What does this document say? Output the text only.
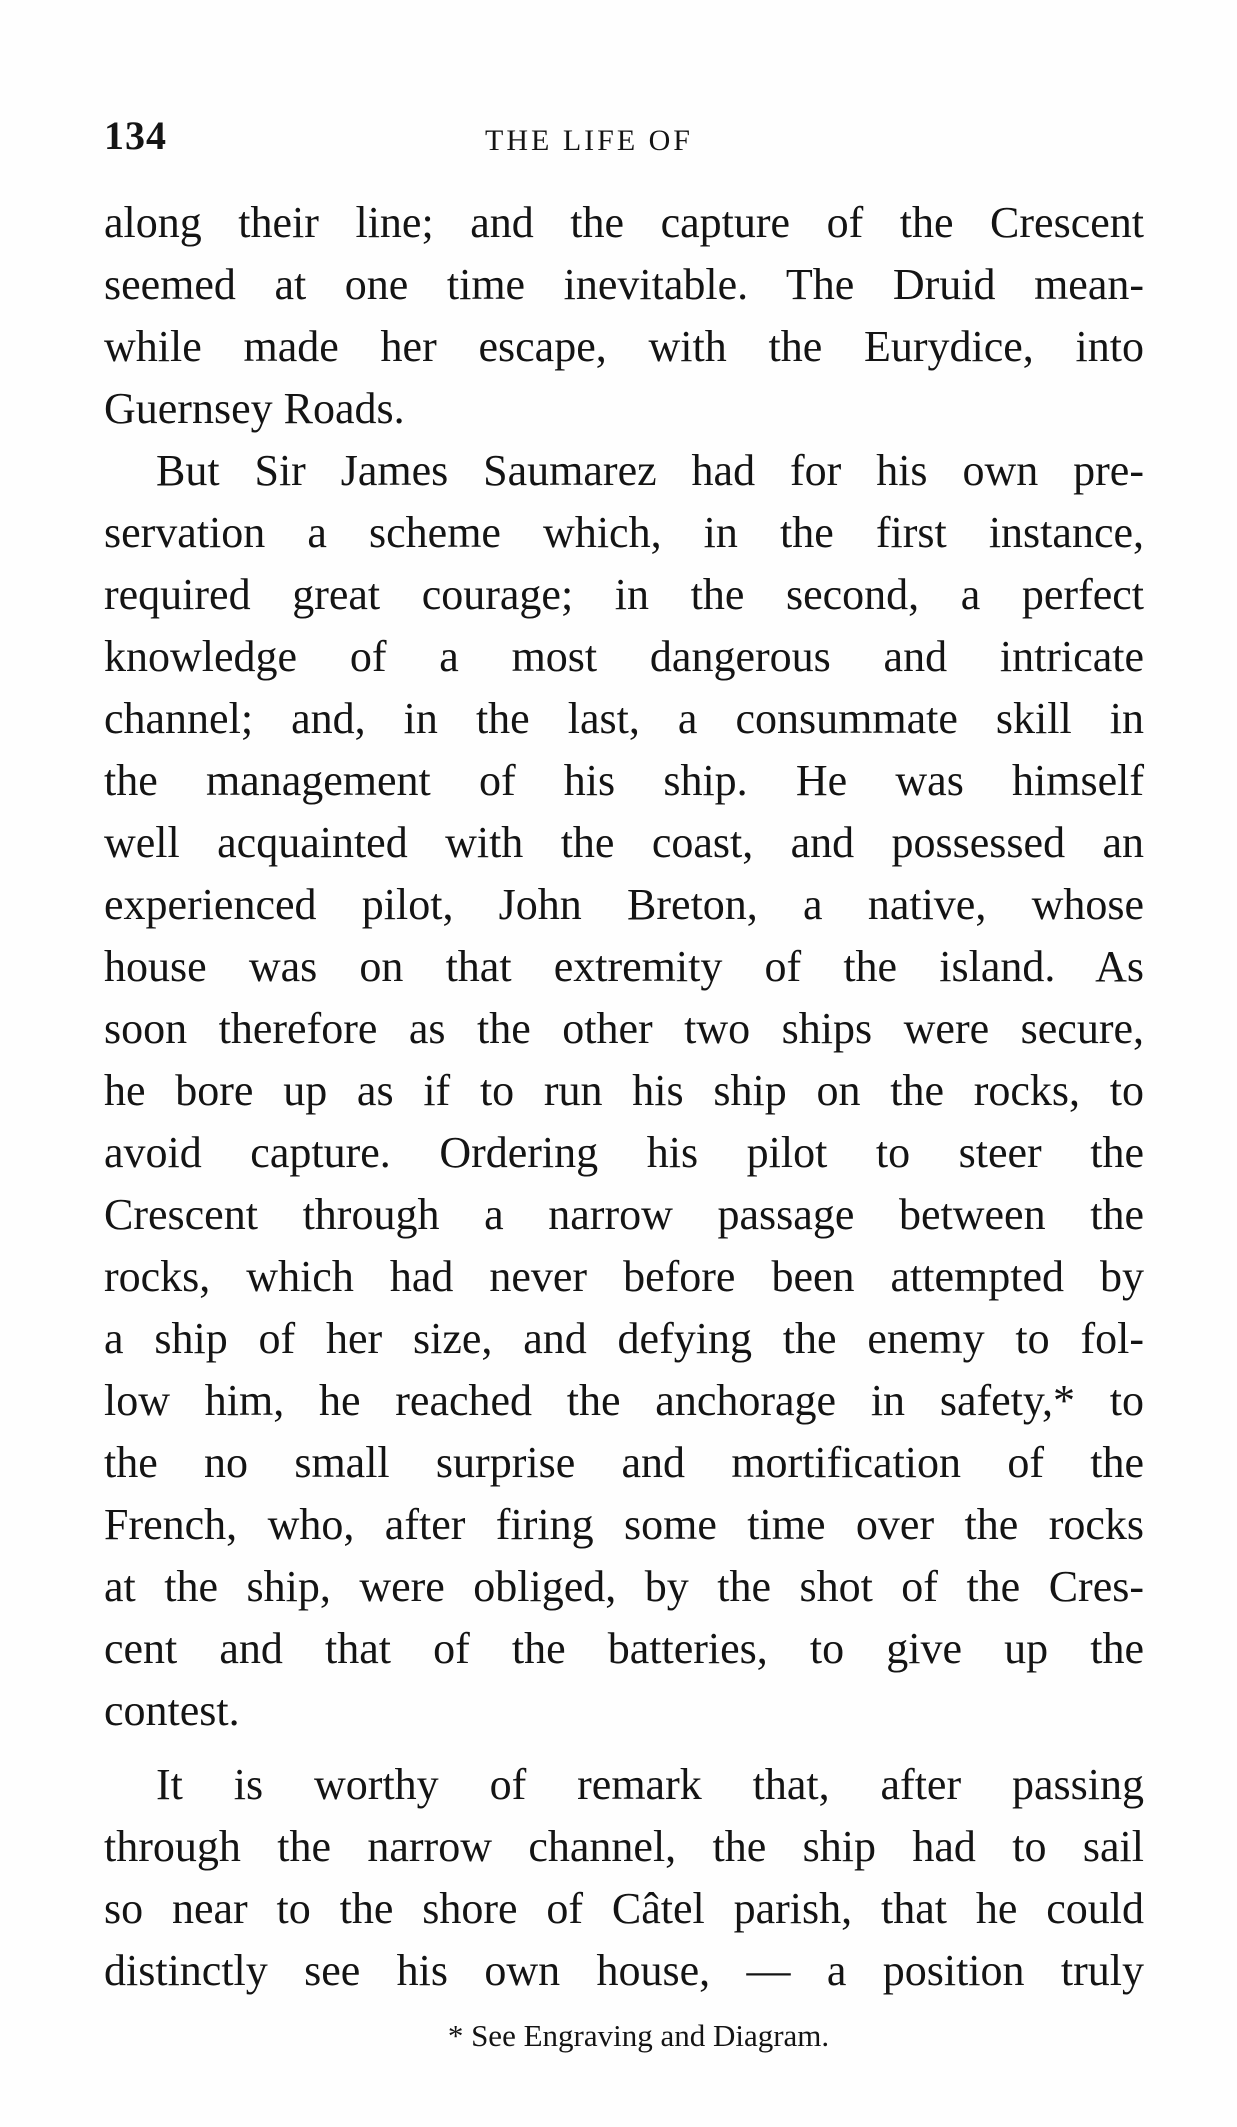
134	THE LIFE OF
along their line; and the capture of the Crescent
seemed at one time inevitable. The Druid mean-
while made her escape, with the Eurydice, into
Guernsey Roads.
But Sir James Saumarez had for his own pre-
servation a scheme which, in the first instance,
required great courage; in the second, a perfect
knowledge of a most dangerous and intricate
channel; and, in the last, a consummate skill in
the management of his ship. He was himself
well acquainted with the coast, and possessed an
experienced pilot, John Breton, a native, whose
house was on that extremity of the island. As
soon therefore as the other two ships were secure,
he bore up as if to run his ship on the rocks, to
avoid capture. Ordering his pilot to steer the
Crescent through a narrow passage between the
rocks, which had never before been attempted by
a ship of her size, and defying the enemy to fol-
low him, he reached the anchorage in safety,* to
the no small surprise and mortification of the
French, who, after firing some time over the rocks
at the ship, were obliged, by the shot of the Cres-
cent and that of the batteries, to give up the
contest.
It is worthy of remark that, after passing
through the narrow channel, the ship had to sail
so near to the shore of Câtel parish, that he could
distinctly see his own house, — a position truly
* See Engraving and Diagram.
